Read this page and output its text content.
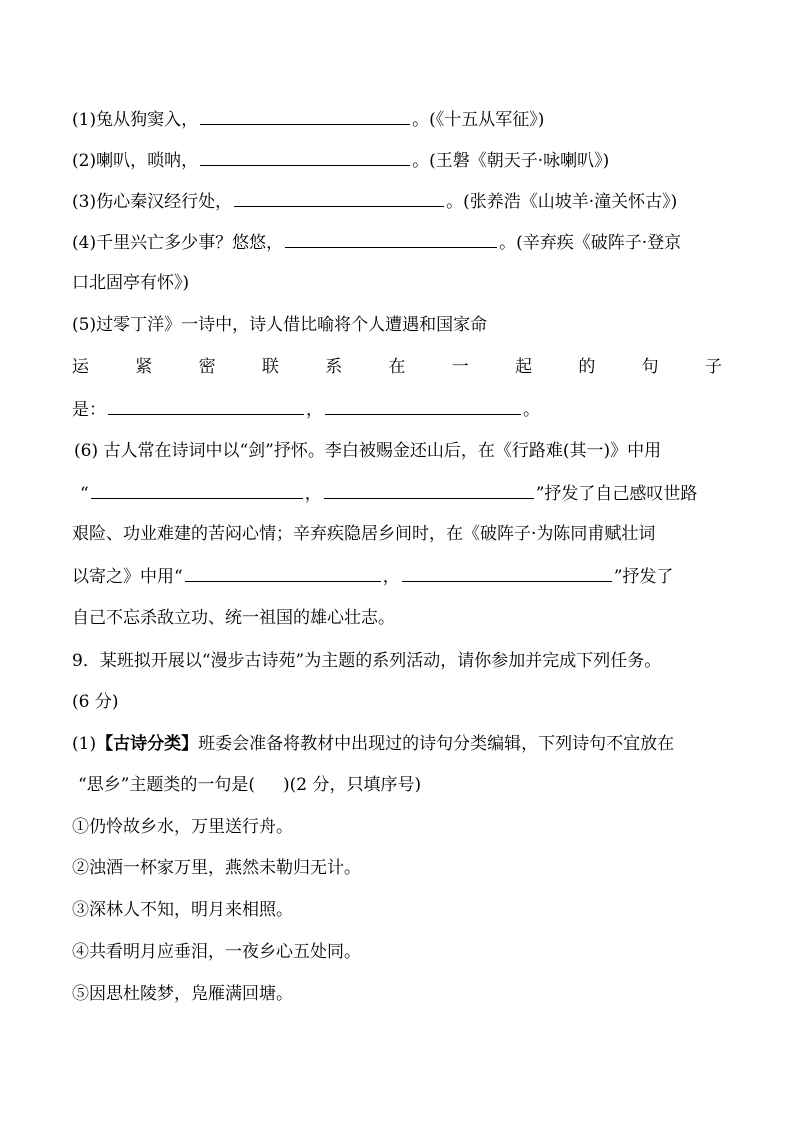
(1)兔从狗窦入，	。(《十五从军征》)
(2)喇叭，唢呐，	。(王磐《朝天子·咏喇叭》)
(3)伤心秦汉经行处，	。(张养浩《山坡羊·潼关怀古》)
(4)千里兴亡多少事？悠悠，	。(辛弃疾《破阵子·登京
口北固亭有怀》)
(5)过零丁洋》一诗中，诗人借比喻将个人遭遇和国家命
运	紧	密	联	系	在	一	起	的	句	子
是：	，	。
(6) 古人常在诗词中以“剑”抒怀。李白被赐金还山后，在《行路难(其一)》中用
“	，	”抒发了自己感叹世路
艰险、功业难建的苦闷心情；辛弃疾隐居乡间时，在《破阵子·为陈同甫赋壮词
以寄之》中用“	，	”抒发了
自己不忘杀敌立功、统一祖国的雄心壮志。
9．某班拟开展以“漫步古诗苑”为主题的系列活动，请你参加并完成下列任务。
(6 分)
(1)【古诗分类】班委会准备将教材中出现过的诗句分类编辑，下列诗句不宜放在
“思乡”主题类的一句是( )(2 分，只填序号)
①仍怜故乡水，万里送行舟。
②浊酒一杯家万里，燕然未勒归无计。
③深林人不知，明月来相照。
④共看明月应垂泪，一夜乡心五处同。
⑤因思杜陵梦，凫雁满回塘。
